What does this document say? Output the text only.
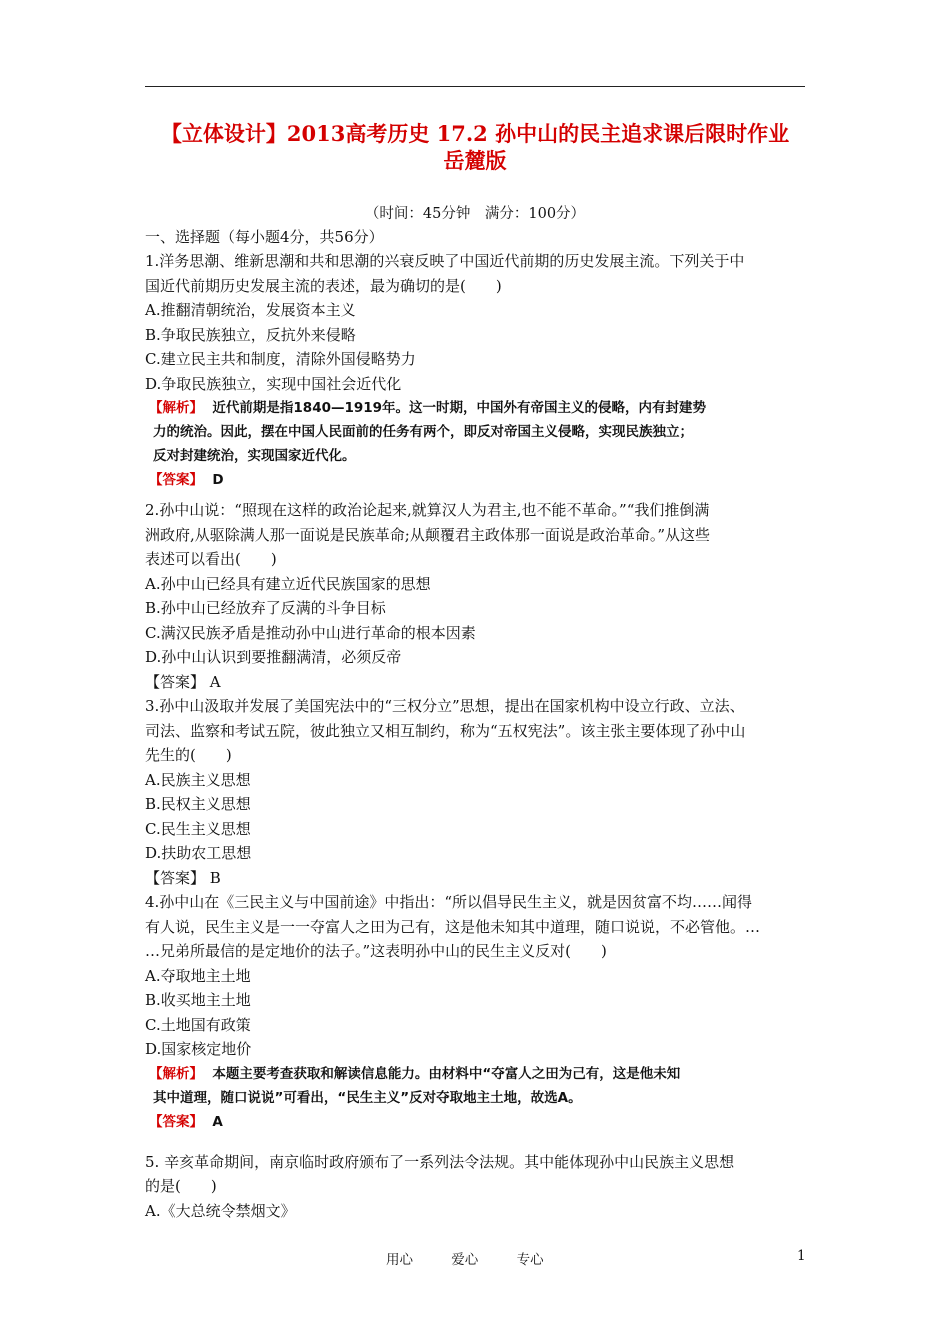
【立体设计】2013高考历史 17.2 孙中山的民主追求课后限时作业
岳麓版
（时间：45分钟　满分：100分）
一、选择题（每小题4分，共56分）
1.洋务思潮、维新思潮和共和思潮的兴衰反映了中国近代前期的历史发展主流。下列关于中
国近代前期历史发展主流的表述，最为确切的是(　　)
A.推翻清朝统治，发展资本主义
B.争取民族独立，反抗外来侵略
C.建立民主共和制度，清除外国侵略势力
D.争取民族独立，实现中国社会近代化
【解析】 近代前期是指1840—1919年。这一时期，中国外有帝国主义的侵略，内有封建势
力的统治。因此，摆在中国人民面前的任务有两个，即反对帝国主义侵略，实现民族独立；
反对封建统治，实现国家近代化。
【答案】 D
2.孙中山说：“照现在这样的政治论起来,就算汉人为君主,也不能不革命。”“我们推倒满
洲政府,从驱除满人那一面说是民族革命;从颠覆君主政体那一面说是政治革命。”从这些
表述可以看出(　　)
A.孙中山已经具有建立近代民族国家的思想
B.孙中山已经放弃了反满的斗争目标
C.满汉民族矛盾是推动孙中山进行革命的根本因素
D.孙中山认识到要推翻满清，必须反帝
【答案】 A
3.孙中山汲取并发展了美国宪法中的“三权分立”思想，提出在国家机构中设立行政、立法、
司法、监察和考试五院，彼此独立又相互制约，称为“五权宪法”。该主张主要体现了孙中山
先生的(　　)
A.民族主义思想
B.民权主义思想
C.民生主义思想
D.扶助农工思想
【答案】 B
4.孙中山在《三民主义与中国前途》中指出：“所以倡导民生主义，就是因贫富不均……闻得
有人说，民生主义是一一夺富人之田为己有，这是他未知其中道理，随口说说，不必管他。…
…兄弟所最信的是定地价的法子。”这表明孙中山的民生主义反对(　　)
A.夺取地主土地
B.收买地主土地
C.土地国有政策
D.国家核定地价
【解析】 本题主要考查获取和解读信息能力。由材料中“夺富人之田为己有，这是他未知
其中道理，随口说说”可看出，“民生主义”反对夺取地主土地，故选A。
【答案】 A
5. 辛亥革命期间，南京临时政府颁布了一系列法令法规。其中能体现孙中山民族主义思想
的是(　　)
A.《大总统令禁烟文》
用心	爱心	专心	1
